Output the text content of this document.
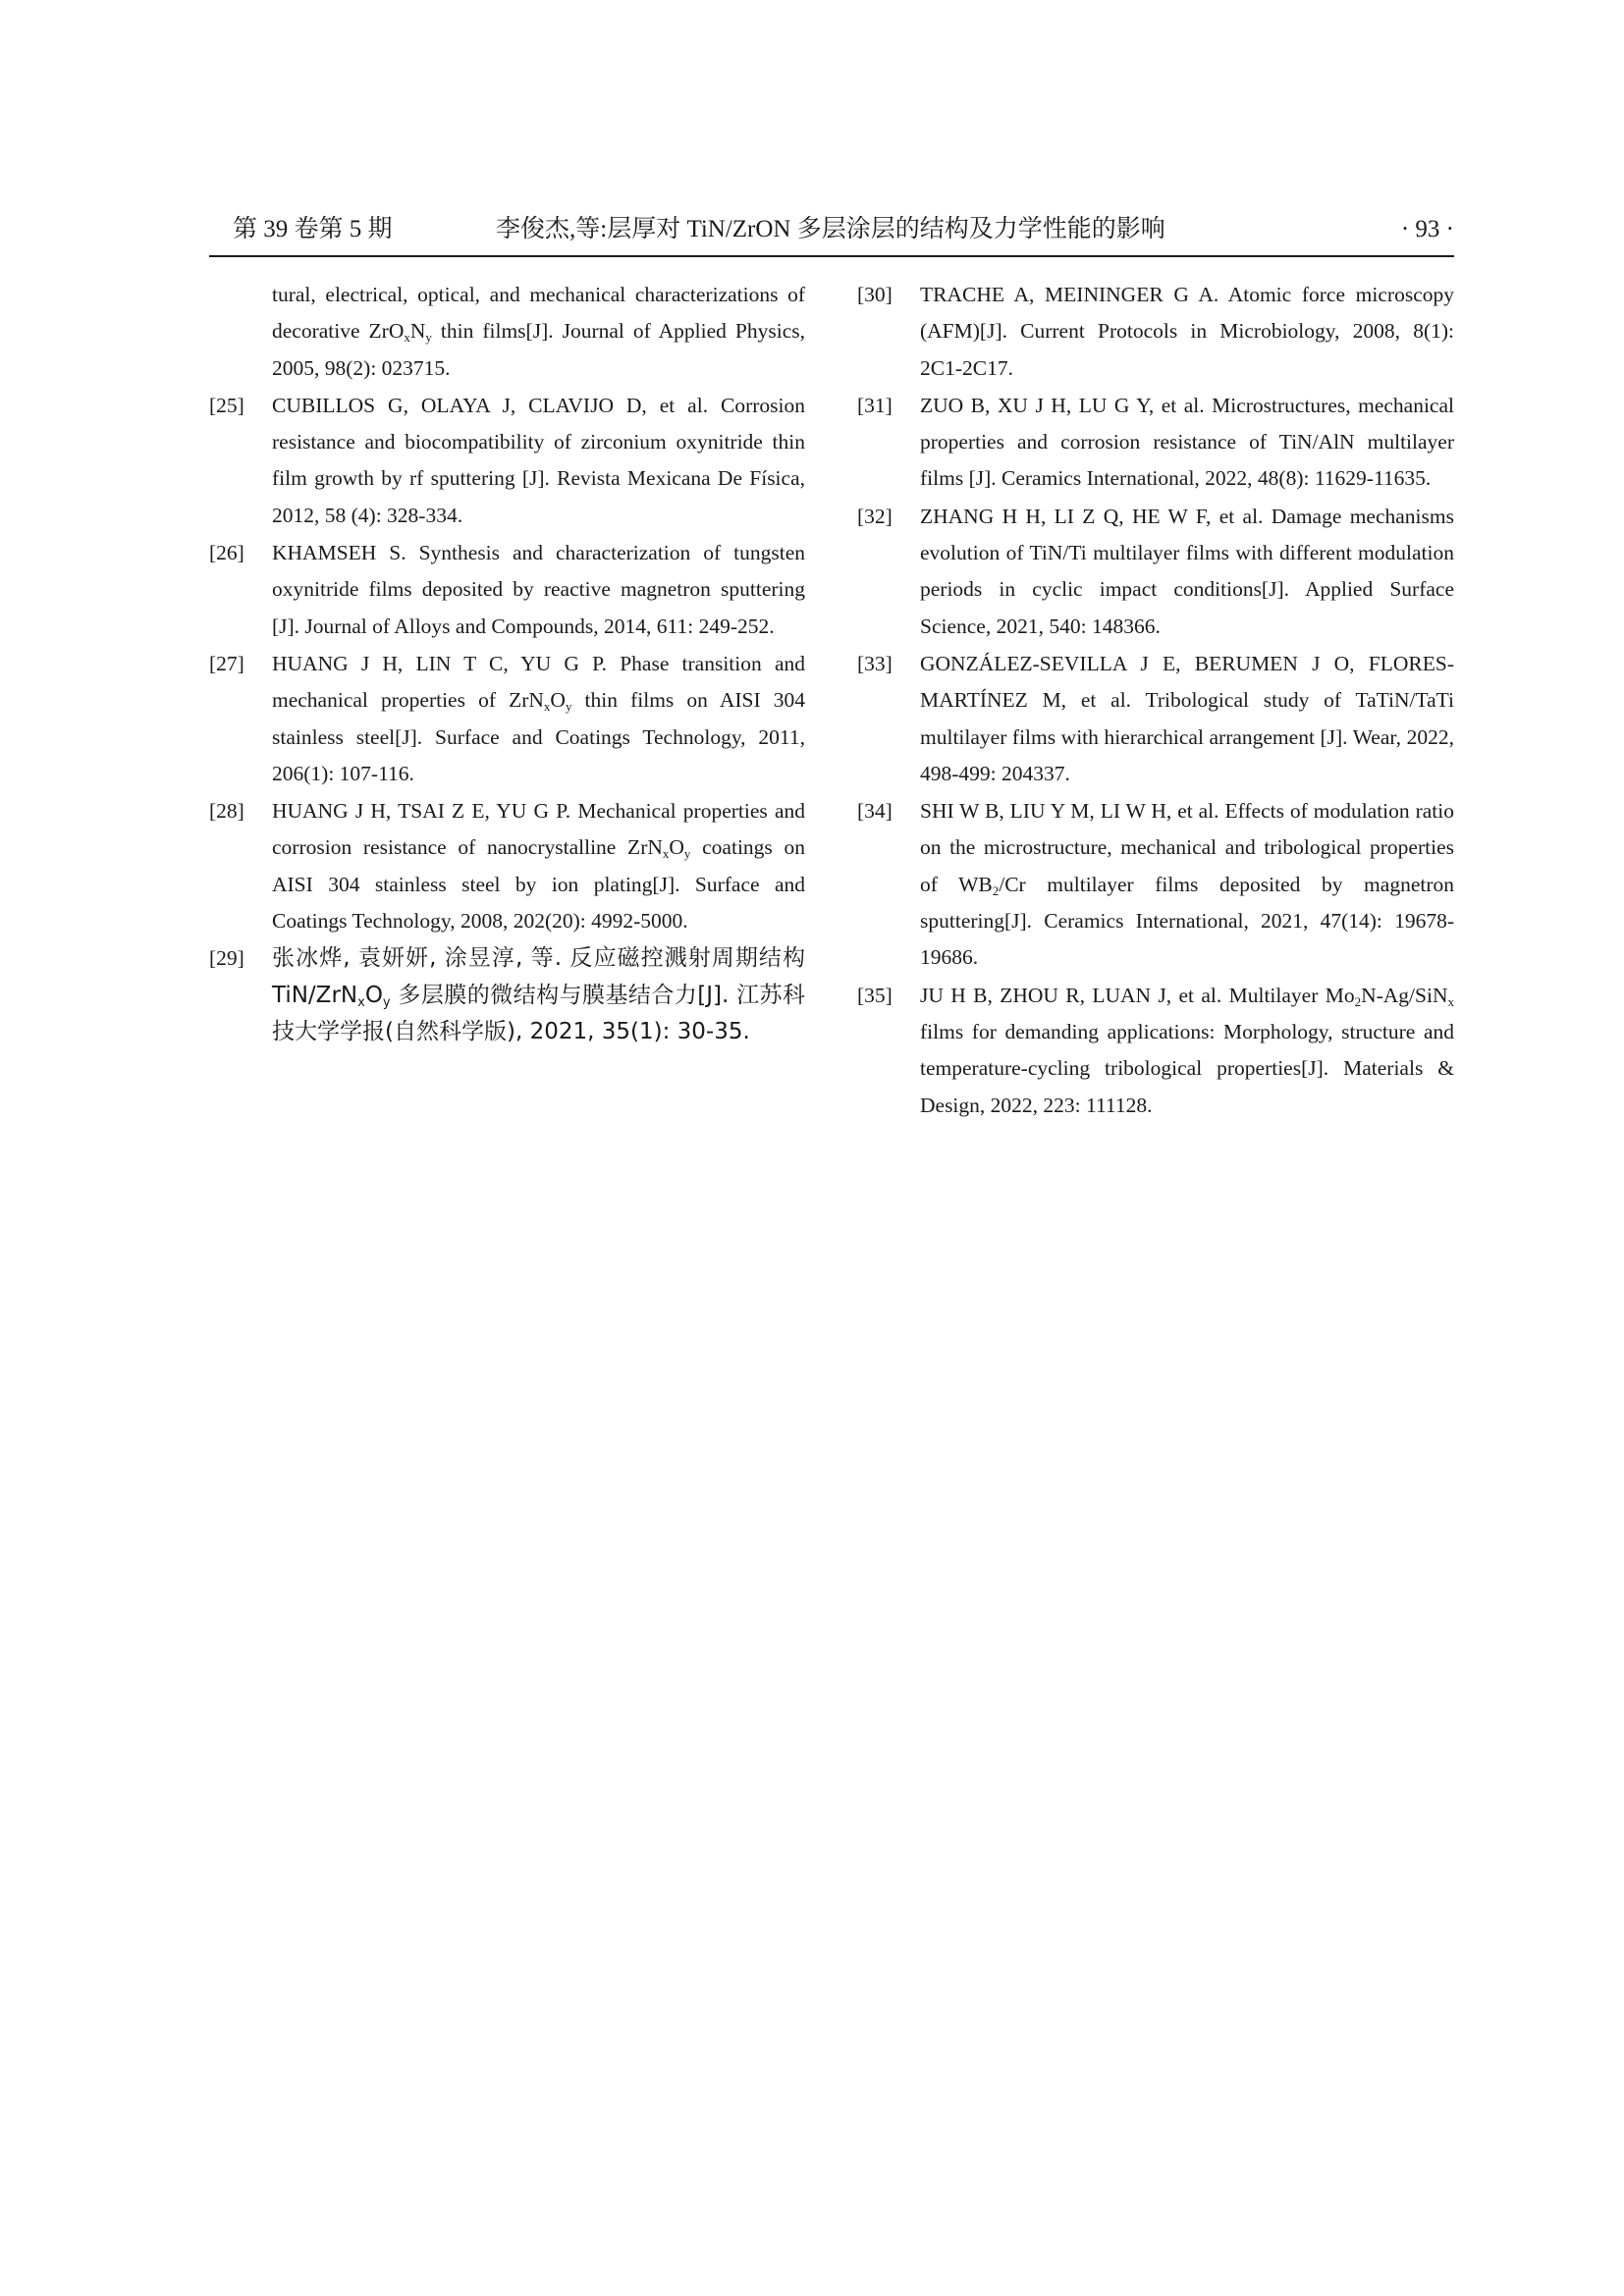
第 39 卷第 5 期	李俊杰,等:层厚对 TiN/ZrON 多层涂层的结构及力学性能的影响	· 93 ·
tural, electrical, optical, and mechanical characterizations of decorative $ZrO_xN_y$ thin films[J]. Journal of Applied Physics, 2005, 98(2): 023715.
[25]	CUBILLOS G, OLAYA J, CLAVIJO D, et al. Corrosion resistance and biocompatibility of zirconium oxynitride thin film growth by rf sputtering [J]. Revista Mexicana De Física, 2012, 58 (4): 328-334.
[26]	KHAMSEH S. Synthesis and characterization of tungsten oxynitride films deposited by reactive magnetron sputtering [J]. Journal of Alloys and Compounds, 2014, 611: 249-252.
[27]	HUANG J H, LIN T C, YU G P. Phase transition and mechanical properties of $ZrN_xO_y$ thin films on AISI 304 stainless steel[J]. Surface and Coatings Technology, 2011, 206(1): 107-116.
[28]	HUANG J H, TSAI Z E, YU G P. Mechanical properties and corrosion resistance of nanocrystalline $ZrN_xO_y$ coatings on AISI 304 stainless steel by ion plating[J]. Surface and Coatings Technology, 2008, 202(20): 4992-5000.
[29]	张冰烨, 袁妍妍, 涂昱淳, 等. 反应磁控溅射周期结构 TiN/$ZrN_xO_y$ 多层膜的微结构与膜基结合力[J]. 江苏科技大学学报(自然科学版), 2021, 35(1): 30-35.
[30]	TRACHE A, MEININGER G A. Atomic force microscopy (AFM)[J]. Current Protocols in Microbiology, 2008, 8(1): 2C1-2C17.
[31]	ZUO B, XU J H, LU G Y, et al. Microstructures, mechanical properties and corrosion resistance of TiN/AlN multilayer films [J]. Ceramics International, 2022, 48(8): 11629-11635.
[32]	ZHANG H H, LI Z Q, HE W F, et al. Damage mechanisms evolution of TiN/Ti multilayer films with different modulation periods in cyclic impact conditions[J]. Applied Surface Science, 2021, 540: 148366.
[33]	GONZÁLEZ-SEVILLA J E, BERUMEN J O, FLORES-MARTÍNEZ M, et al. Tribological study of TaTiN/TaTi multilayer films with hierarchical arrangement [J]. Wear, 2022, 498-499: 204337.
[34]	SHI W B, LIU Y M, LI W H, et al. Effects of modulation ratio on the microstructure, mechanical and tribological properties of $WB_2/Cr$ multilayer films deposited by magnetron sputtering[J]. Ceramics International, 2021, 47(14): 19678-19686.
[35]	JU H B, ZHOU R, LUAN J, et al. Multilayer $Mo_2N-Ag/SiN_x$ films for demanding applications: Morphology, structure and temperature-cycling tribological properties[J]. Materials & Design, 2022, 223: 111128.
